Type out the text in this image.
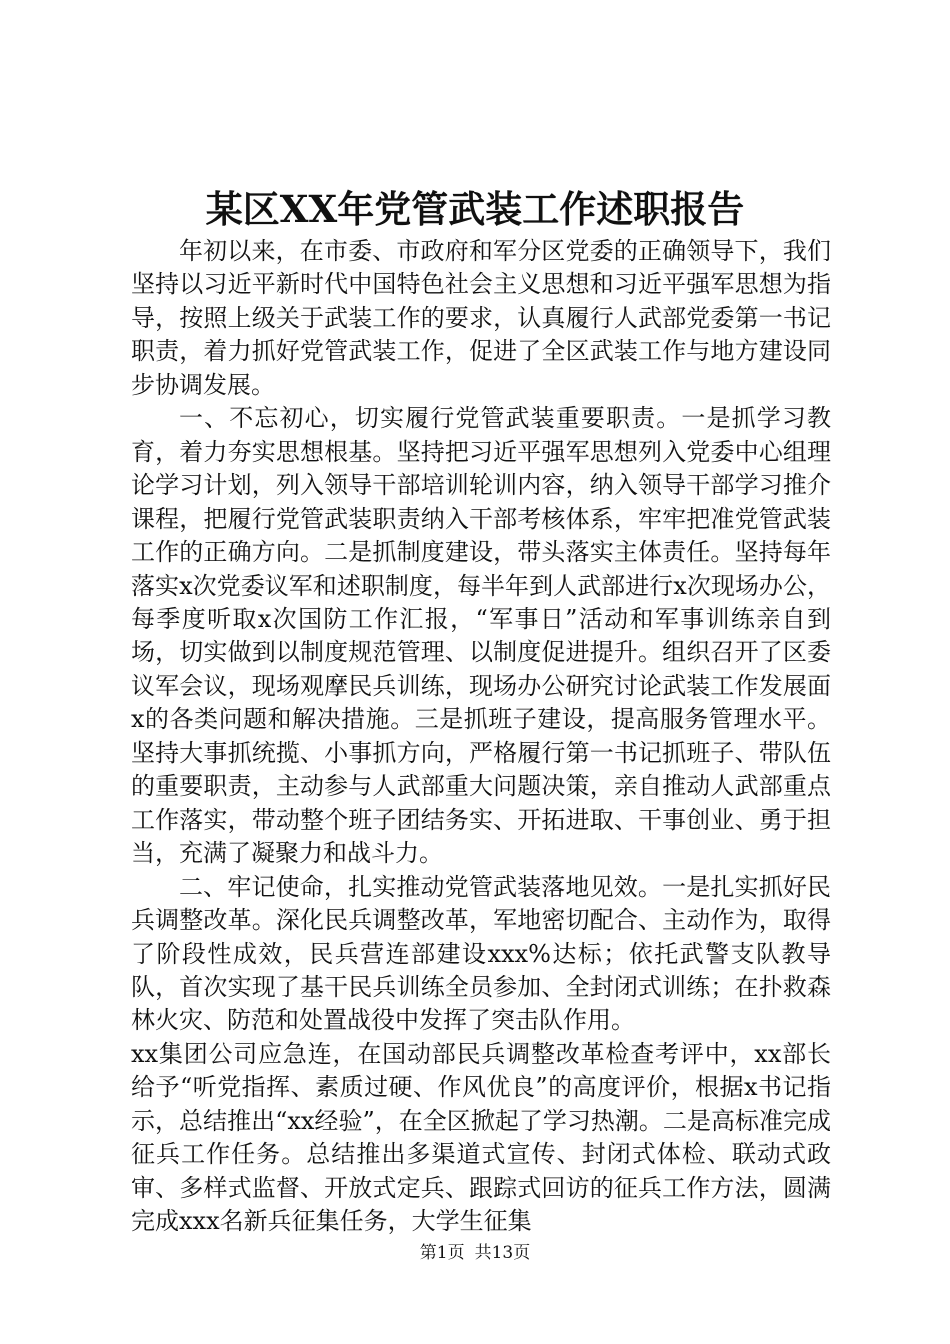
某区XX年党管武装工作述职报告

年初以来，在市委、市政府和军分区党委的正确领导下，我们坚持以习近平新时代中国特色社会主义思想和习近平强军思想为指导，按照上级关于武装工作的要求，认真履行人武部党委第一书记职责，着力抓好党管武装工作，促进了全区武装工作与地方建设同步协调发展。

一、不忘初心，切实履行党管武装重要职责。一是抓学习教育，着力夯实思想根基。坚持把习近平强军思想列入党委中心组理论学习计划，列入领导干部培训轮训内容，纳入领导干部学习推介课程，把履行党管武装职责纳入干部考核体系，牢牢把准党管武装工作的正确方向。二是抓制度建设，带头落实主体责任。坚持每年落实x次党委议军和述职制度，每半年到人武部进行x次现场办公，每季度听取x次国防工作汇报，“军事日”活动和军事训练亲自到场，切实做到以制度规范管理、以制度促进提升。组织召开了区委议军会议，现场观摩民兵训练，现场办公研究讨论武装工作发展面x的各类问题和解决措施。三是抓班子建设，提高服务管理水平。坚持大事抓统揽、小事抓方向，严格履行第一书记抓班子、带队伍的重要职责，主动参与人武部重大问题决策，亲自推动人武部重点工作落实，带动整个班子团结务实、开拓进取、干事创业、勇于担当，充满了凝聚力和战斗力。

二、牢记使命，扎实推动党管武装落地见效。一是扎实抓好民兵调整改革。深化民兵调整改革，军地密切配合、主动作为，取得了阶段性成效，民兵营连部建设xxx%达标；依托武警支队教导队，首次实现了基干民兵训练全员参加、全封闭式训练；在扑救森林火灾、防范和处置战役中发挥了突击队作用。

xx集团公司应急连，在国动部民兵调整改革检查考评中，xx部长给予“听党指挥、素质过硬、作风优良”的高度评价，根据x书记指示，总结推出“xx经验”，在全区掀起了学习热潮。二是高标准完成征兵工作任务。总结推出多渠道式宣传、封闭式体检、联动式政审、多样式监督、开放式定兵、跟踪式回访的征兵工作方法，圆满完成xxx名新兵征集任务，大学生征集

第1页 共13页
